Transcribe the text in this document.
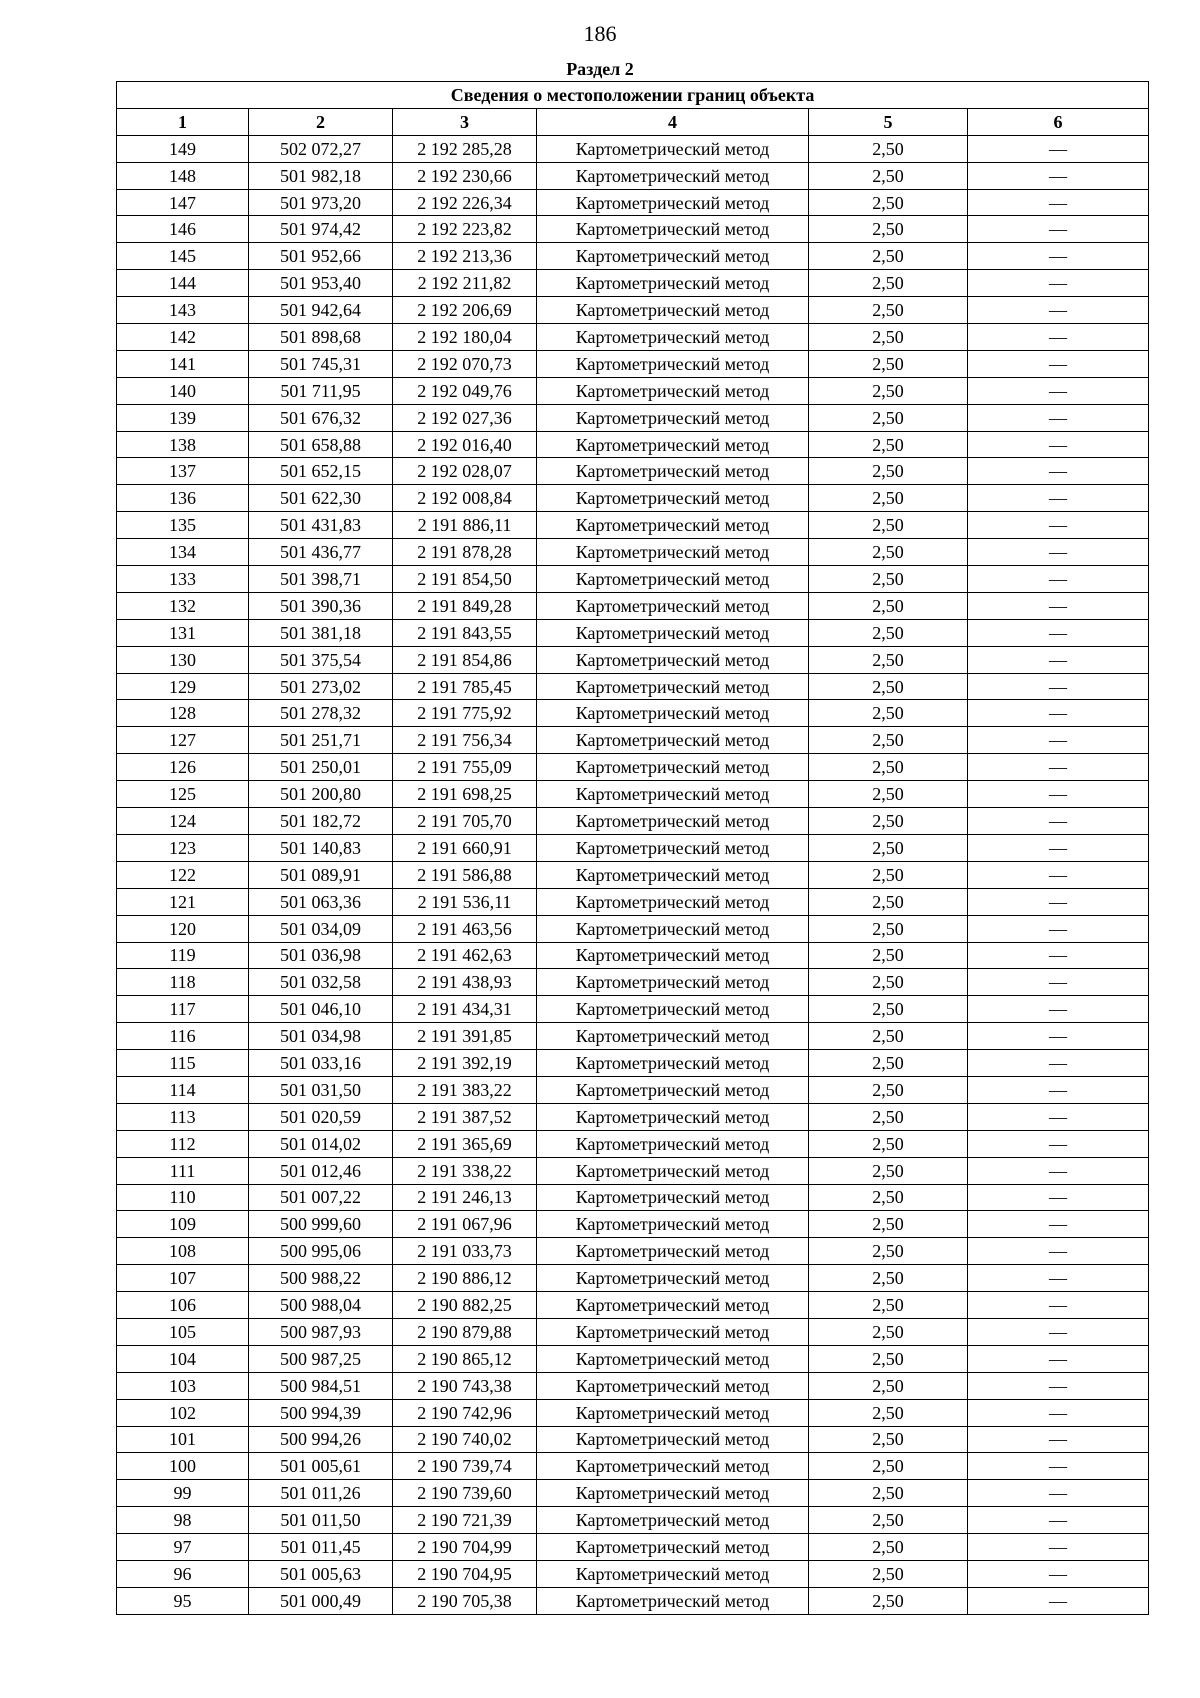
186
Раздел 2
Сведения о местоположении границ объекта					
1	2	3	4	5	6
149	502 072,27	2 192 285,28	Картометрический метод	2,50	—
148	501 982,18	2 192 230,66	Картометрический метод	2,50	—
147	501 973,20	2 192 226,34	Картометрический метод	2,50	—
146	501 974,42	2 192 223,82	Картометрический метод	2,50	—
145	501 952,66	2 192 213,36	Картометрический метод	2,50	—
144	501 953,40	2 192 211,82	Картометрический метод	2,50	—
143	501 942,64	2 192 206,69	Картометрический метод	2,50	—
142	501 898,68	2 192 180,04	Картометрический метод	2,50	—
141	501 745,31	2 192 070,73	Картометрический метод	2,50	—
140	501 711,95	2 192 049,76	Картометрический метод	2,50	—
139	501 676,32	2 192 027,36	Картометрический метод	2,50	—
138	501 658,88	2 192 016,40	Картометрический метод	2,50	—
137	501 652,15	2 192 028,07	Картометрический метод	2,50	—
136	501 622,30	2 192 008,84	Картометрический метод	2,50	—
135	501 431,83	2 191 886,11	Картометрический метод	2,50	—
134	501 436,77	2 191 878,28	Картометрический метод	2,50	—
133	501 398,71	2 191 854,50	Картометрический метод	2,50	—
132	501 390,36	2 191 849,28	Картометрический метод	2,50	—
131	501 381,18	2 191 843,55	Картометрический метод	2,50	—
130	501 375,54	2 191 854,86	Картометрический метод	2,50	—
129	501 273,02	2 191 785,45	Картометрический метод	2,50	—
128	501 278,32	2 191 775,92	Картометрический метод	2,50	—
127	501 251,71	2 191 756,34	Картометрический метод	2,50	—
126	501 250,01	2 191 755,09	Картометрический метод	2,50	—
125	501 200,80	2 191 698,25	Картометрический метод	2,50	—
124	501 182,72	2 191 705,70	Картометрический метод	2,50	—
123	501 140,83	2 191 660,91	Картометрический метод	2,50	—
122	501 089,91	2 191 586,88	Картометрический метод	2,50	—
121	501 063,36	2 191 536,11	Картометрический метод	2,50	—
120	501 034,09	2 191 463,56	Картометрический метод	2,50	—
119	501 036,98	2 191 462,63	Картометрический метод	2,50	—
118	501 032,58	2 191 438,93	Картометрический метод	2,50	—
117	501 046,10	2 191 434,31	Картометрический метод	2,50	—
116	501 034,98	2 191 391,85	Картометрический метод	2,50	—
115	501 033,16	2 191 392,19	Картометрический метод	2,50	—
114	501 031,50	2 191 383,22	Картометрический метод	2,50	—
113	501 020,59	2 191 387,52	Картометрический метод	2,50	—
112	501 014,02	2 191 365,69	Картометрический метод	2,50	—
111	501 012,46	2 191 338,22	Картометрический метод	2,50	—
110	501 007,22	2 191 246,13	Картометрический метод	2,50	—
109	500 999,60	2 191 067,96	Картометрический метод	2,50	—
108	500 995,06	2 191 033,73	Картометрический метод	2,50	—
107	500 988,22	2 190 886,12	Картометрический метод	2,50	—
106	500 988,04	2 190 882,25	Картометрический метод	2,50	—
105	500 987,93	2 190 879,88	Картометрический метод	2,50	—
104	500 987,25	2 190 865,12	Картометрический метод	2,50	—
103	500 984,51	2 190 743,38	Картометрический метод	2,50	—
102	500 994,39	2 190 742,96	Картометрический метод	2,50	—
101	500 994,26	2 190 740,02	Картометрический метод	2,50	—
100	501 005,61	2 190 739,74	Картометрический метод	2,50	—
99	501 011,26	2 190 739,60	Картометрический метод	2,50	—
98	501 011,50	2 190 721,39	Картометрический метод	2,50	—
97	501 011,45	2 190 704,99	Картометрический метод	2,50	—
96	501 005,63	2 190 704,95	Картометрический метод	2,50	—
95	501 000,49	2 190 705,38	Картометрический метод	2,50	—
